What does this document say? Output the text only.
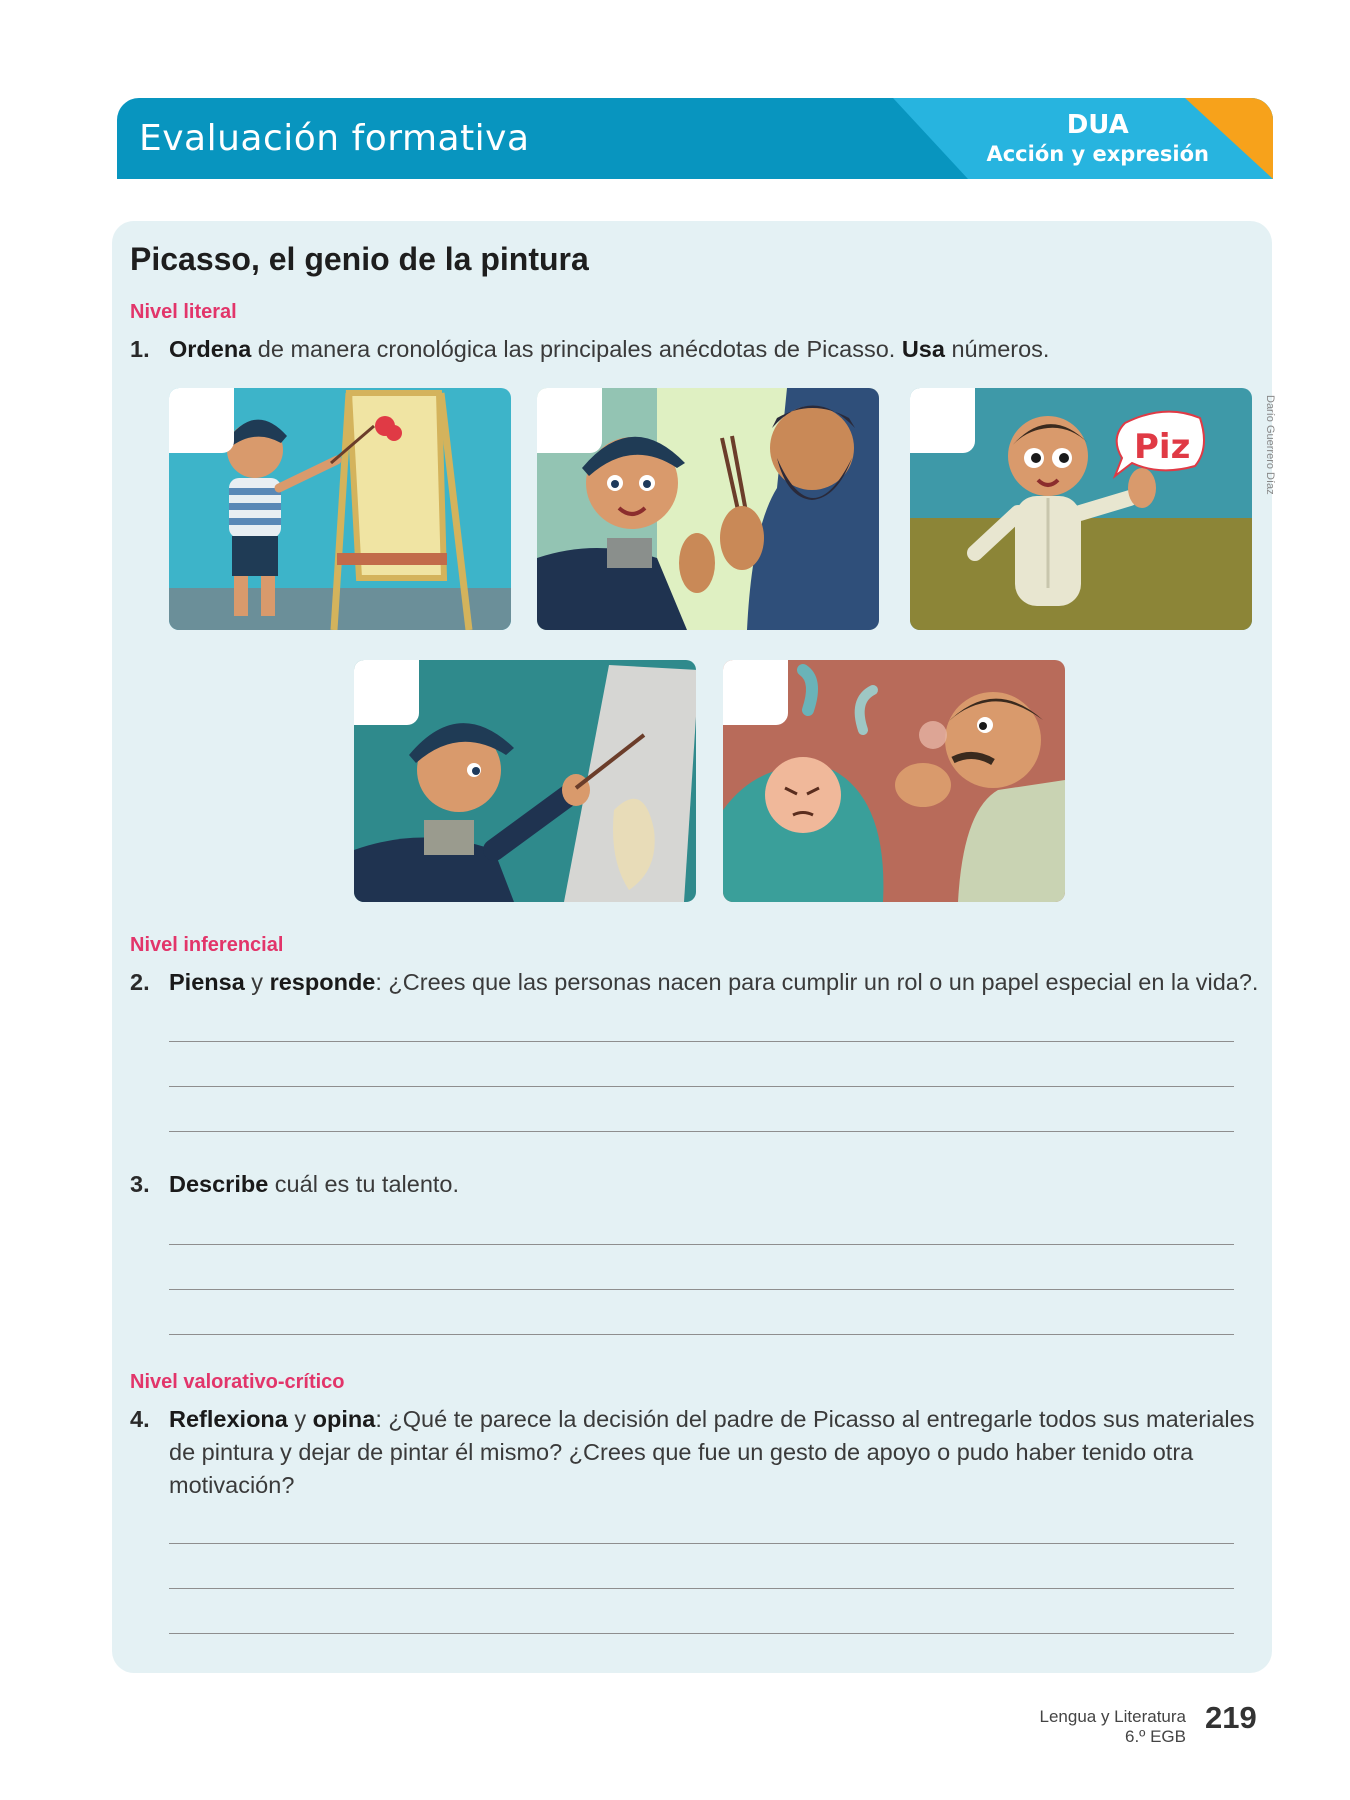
Evaluación formativa	DUA
Acción y expresión
Picasso, el genio de la pintura
Nivel literal
1. Ordena de manera cronológica las principales anécdotas de Picasso. Usa números.
Piz
Nivel inferencial
2. Piensa y responde: ¿Crees que las personas nacen para cumplir un rol o un papel especial en la vida?.
3. Describe cuál es tu talento.
Nivel valorativo-crítico
4. Reflexiona y opina: ¿Qué te parece la decisión del padre de Picasso al entregarle todos sus materiales de pintura y dejar de pintar él mismo? ¿Crees que fue un gesto de apoyo o pudo haber tenido otra motivación?
Darío Guerrero Díaz
Lengua y Literatura
6.º EGB
219
